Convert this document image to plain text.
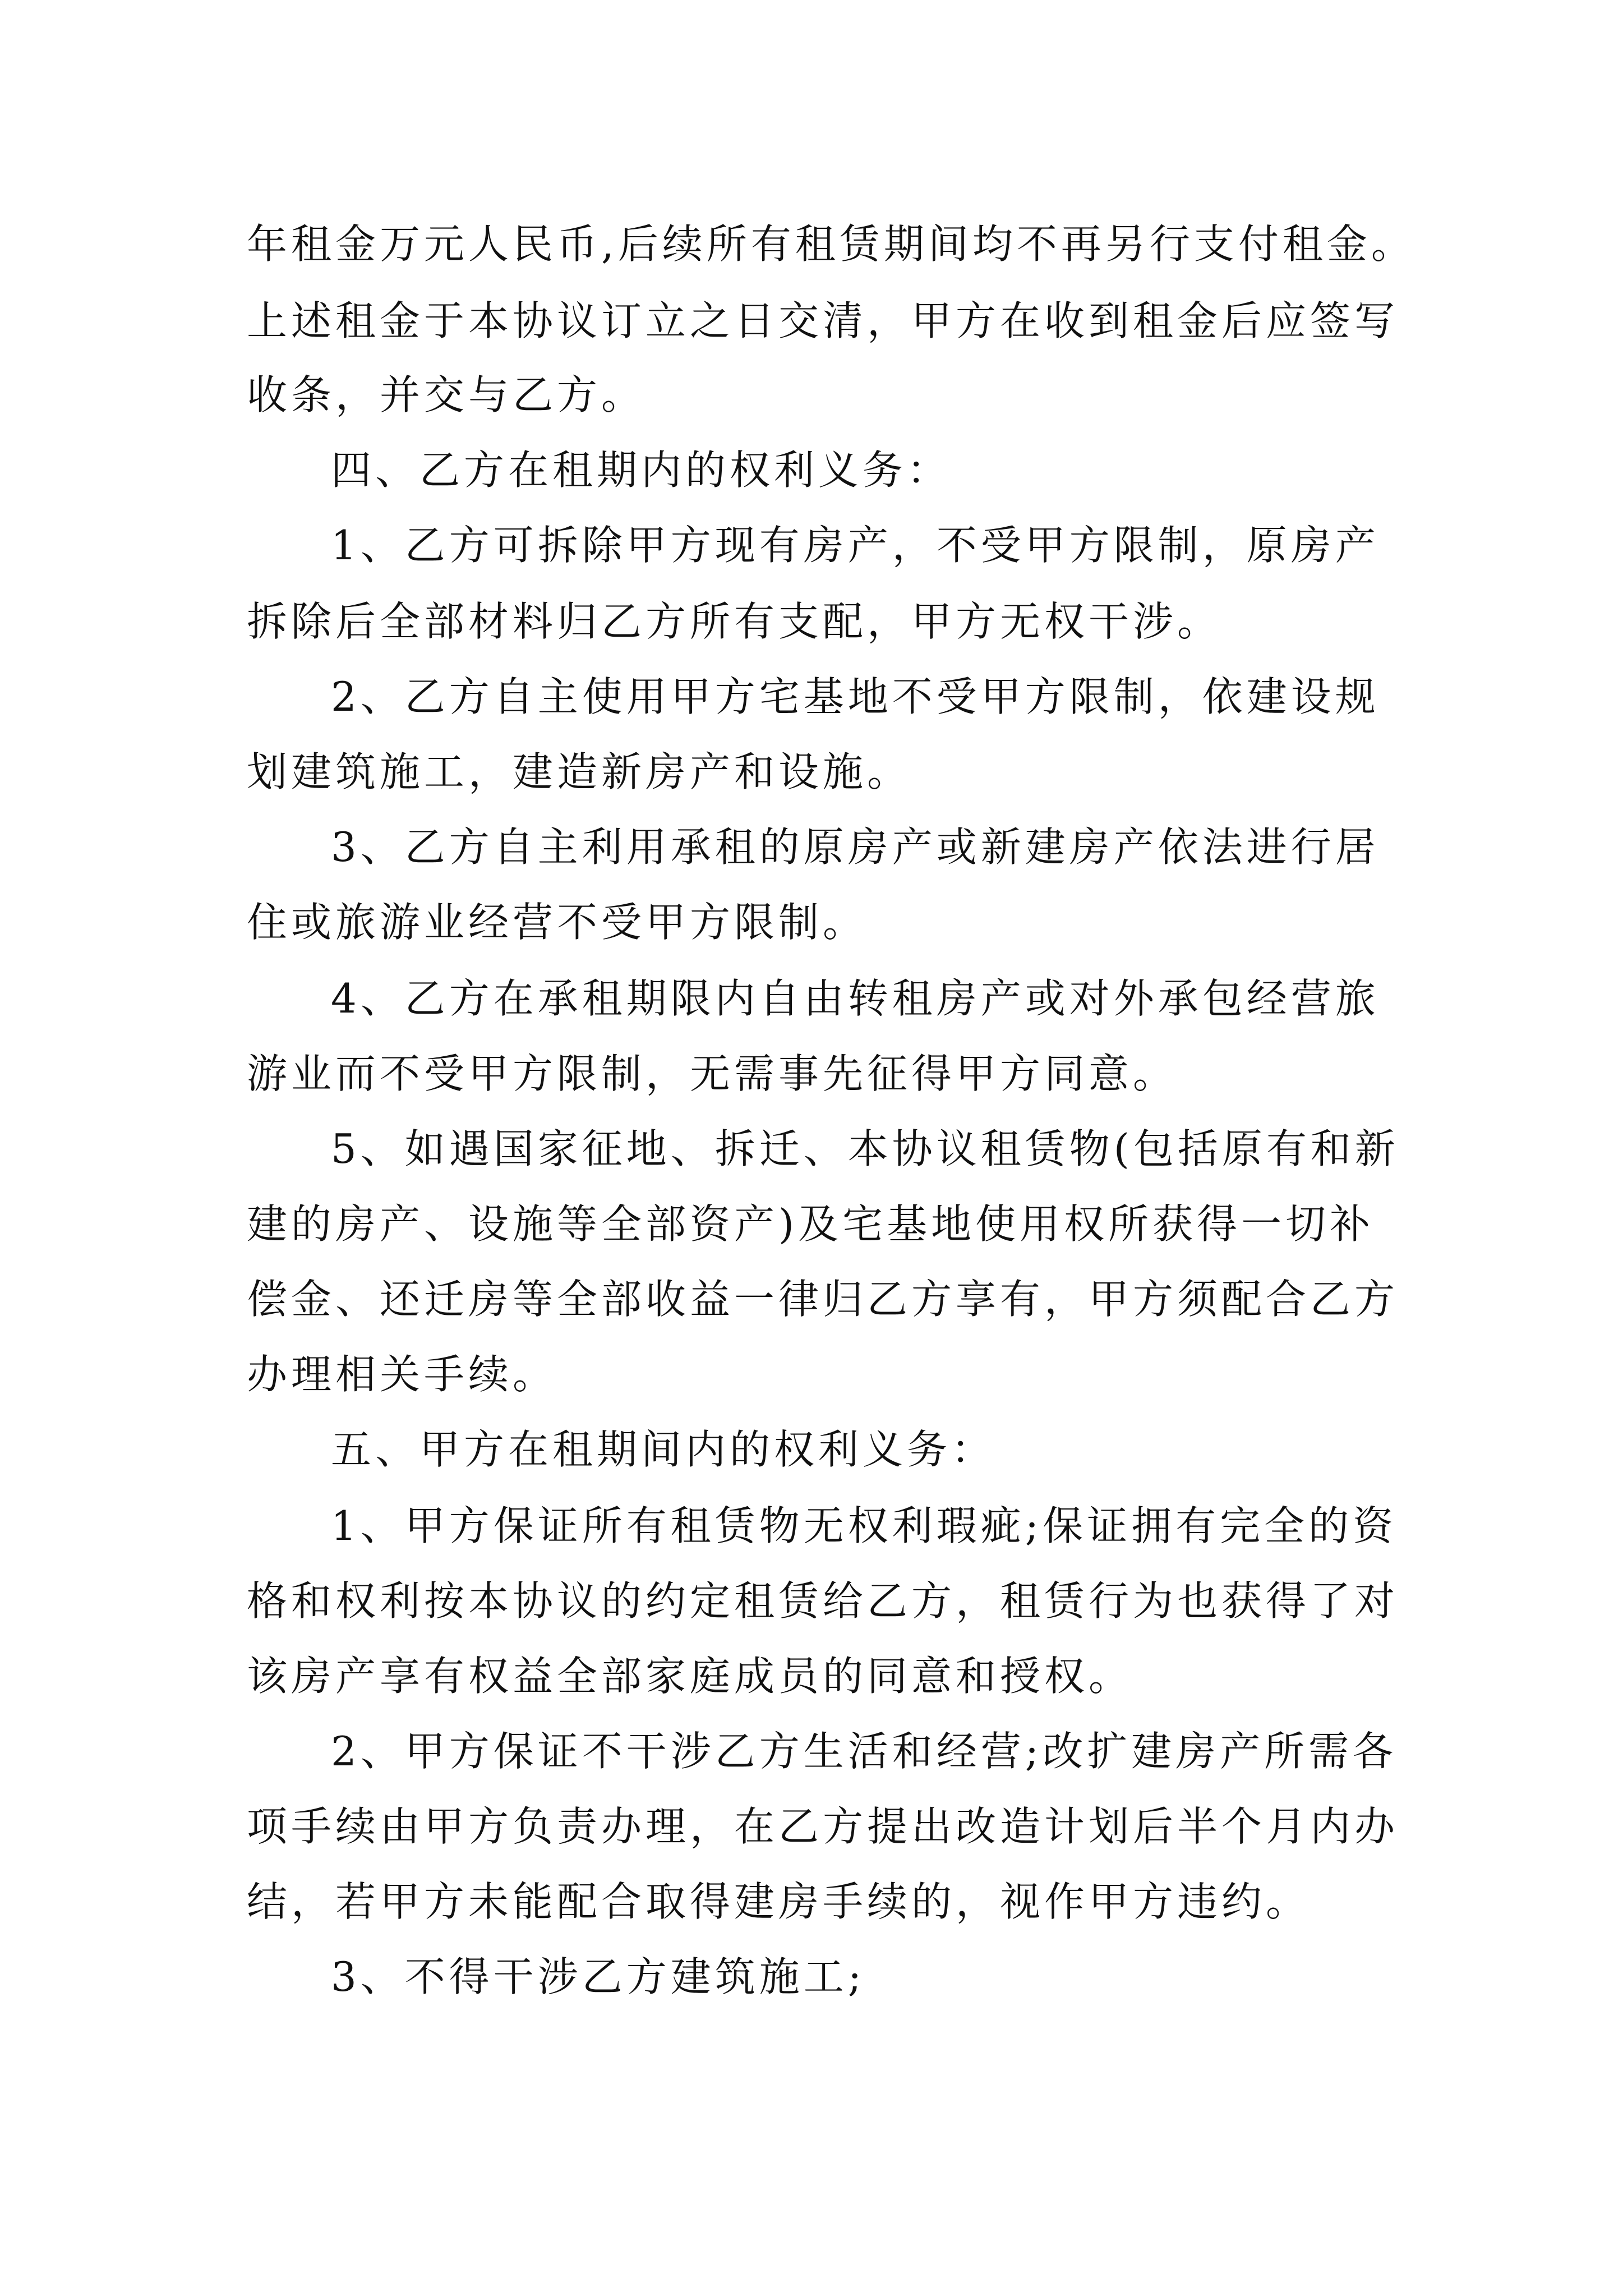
年租金万元人民币,后续所有租赁期间均不再另行支付租金。
上述租金于本协议订立之日交清，甲方在收到租金后应签写
收条，并交与乙方。
四、乙方在租期内的权利义务：
1、乙方可拆除甲方现有房产，不受甲方限制，原房产
拆除后全部材料归乙方所有支配，甲方无权干涉。
2、乙方自主使用甲方宅基地不受甲方限制，依建设规
划建筑施工，建造新房产和设施。
3、乙方自主利用承租的原房产或新建房产依法进行居
住或旅游业经营不受甲方限制。
4、乙方在承租期限内自由转租房产或对外承包经营旅
游业而不受甲方限制，无需事先征得甲方同意。
5、如遇国家征地、拆迁、本协议租赁物(包括原有和新
建的房产、设施等全部资产)及宅基地使用权所获得一切补
偿金、还迁房等全部收益一律归乙方享有，甲方须配合乙方
办理相关手续。
五、甲方在租期间内的权利义务：
1、甲方保证所有租赁物无权利瑕疵;保证拥有完全的资
格和权利按本协议的约定租赁给乙方，租赁行为也获得了对
该房产享有权益全部家庭成员的同意和授权。
2、甲方保证不干涉乙方生活和经营;改扩建房产所需各
项手续由甲方负责办理，在乙方提出改造计划后半个月内办
结，若甲方未能配合取得建房手续的，视作甲方违约。
3、不得干涉乙方建筑施工;
